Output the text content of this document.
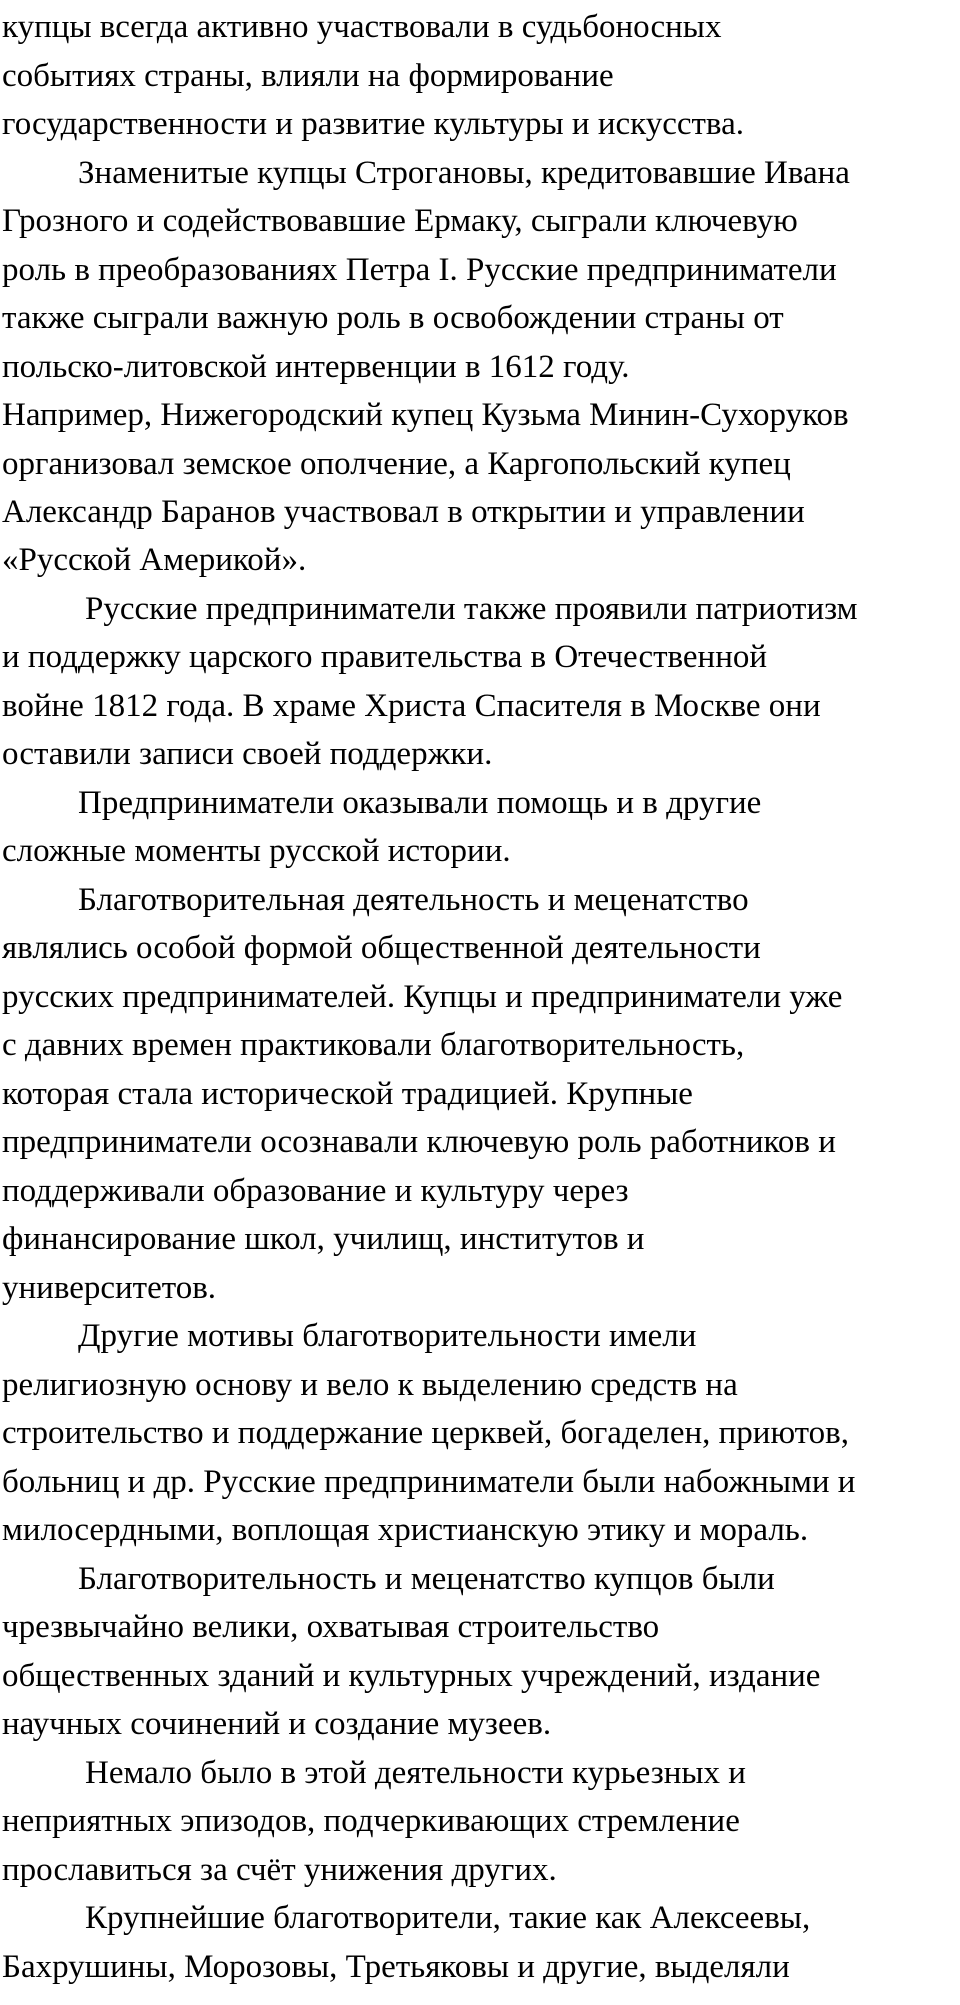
купцы всегда активно участвовали в судьбоносных

событиях страны, влияли на формирование

государственности и развитие культуры и искусства.

Знаменитые купцы Строгановы, кредитовавшие Ивана

Грозного и содействовавшие Ермаку, сыграли ключевую

роль в преобразованиях Петра I. Русские предприниматели

также сыграли важную роль в освобождении страны от

польско-литовской интервенции в 1612 году.

Например, Нижегородский купец Кузьма Минин-Сухоруков

организовал земское ополчение, а Каргопольский купец

Александр Баранов участвовал в открытии и управлении

«Русской Америкой».

Русские предприниматели также проявили патриотизм

и поддержку царского правительства в Отечественной

войне 1812 года. В храме Христа Спасителя в Москве они

оставили записи своей поддержки.

Предприниматели оказывали помощь и в другие

сложные моменты русской истории.

Благотворительная деятельность и меценатство

являлись особой формой общественной деятельности

русских предпринимателей. Купцы и предприниматели уже

с давних времен практиковали благотворительность,

которая стала исторической традицией. Крупные

предприниматели осознавали ключевую роль работников и

поддерживали образование и культуру через

финансирование школ, училищ, институтов и

университетов.

Другие мотивы благотворительности имели

религиозную основу и вело к выделению средств на

строительство и поддержание церквей, богаделен, приютов,

больниц и др. Русские предприниматели были набожными и

милосердными, воплощая христианскую этику и мораль.

Благотворительность и меценатство купцов были

чрезвычайно велики, охватывая строительство

общественных зданий и культурных учреждений, издание

научных сочинений и создание музеев.

Немало было в этой деятельности курьезных и

неприятных эпизодов, подчеркивающих стремление

прославиться за счёт унижения других.

Крупнейшие благотворители, такие как Алексеевы,

Бахрушины, Морозовы, Третьяковы и другие, выделяли
